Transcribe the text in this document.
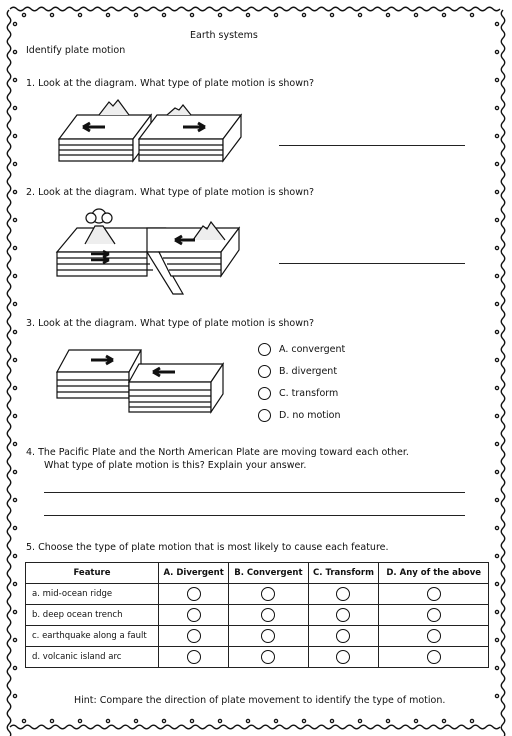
Earth systems
Identify plate motion
1. Look at the diagram. What type of plate motion is shown?
2. Look at the diagram. What type of plate motion is shown?
3. Look at the diagram. What type of plate motion is shown?
A. convergent
B. divergent
C. transform
D. no motion
4. The Pacific Plate and the North American Plate are moving toward each other.
What type of plate motion is this? Explain your answer.
5. Choose the type of plate motion that is most likely to cause each feature.
Feature	A. Divergent	B. Convergent	C. Transform	D. Any of the above
a. mid-ocean ridge				
b. deep ocean trench				
c. earthquake along a fault				
d. volcanic island arc				
Hint: Compare the direction of plate movement to identify the type of motion.
